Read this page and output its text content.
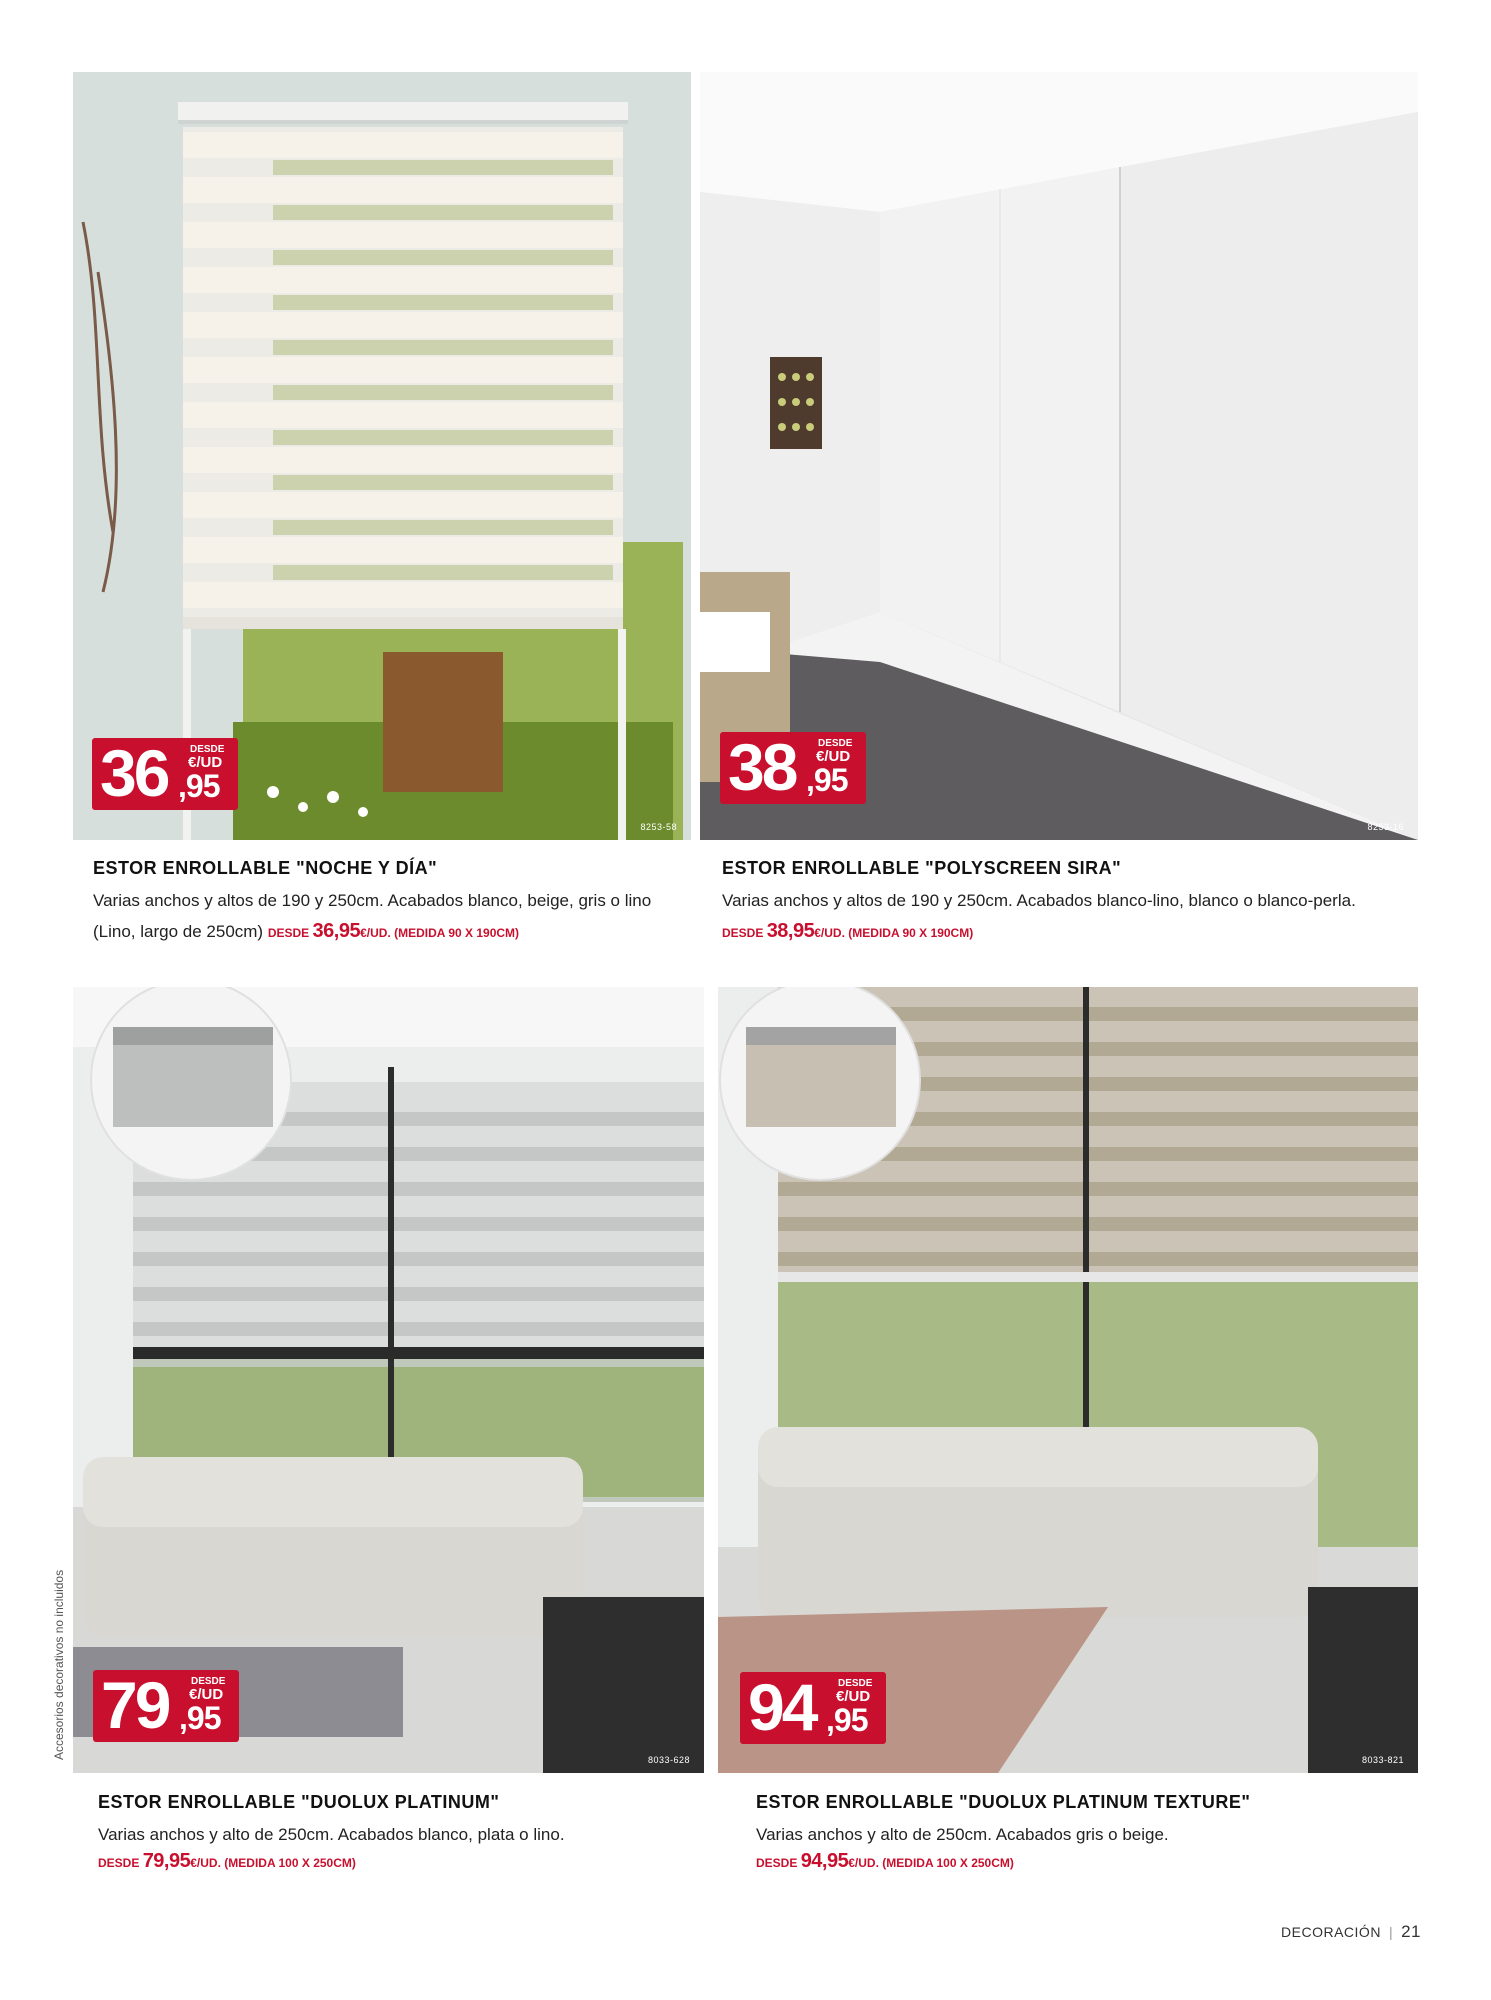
8253-58
36 DESDE
€/UD
,95
ESTOR ENROLLABLE "NOCHE Y DÍA"

Varias anchos y altos de 190 y 250cm. Acabados blanco, beige, gris o lino (Lino, largo de 250cm) DESDE 36,95€/UD. (MEDIDA 90 X 190CM)

8253-16
38 DESDE
€/UD
,95
ESTOR ENROLLABLE "POLYSCREEN SIRA"

Varias anchos y altos de 190 y 250cm. Acabados blanco-lino, blanco o blanco-perla. DESDE 38,95€/UD. (MEDIDA 90 X 190CM)

8033-628
79 DESDE
€/UD
,95
ESTOR ENROLLABLE "DUOLUX PLATINUM"

Varias anchos y alto de 250cm. Acabados blanco, plata o lino.

DESDE 79,95€/UD. (MEDIDA 100 X 250CM)
8033-821
94 DESDE
€/UD
,95
ESTOR ENROLLABLE "DUOLUX PLATINUM TEXTURE"

Varias anchos y alto de 250cm. Acabados gris o beige.

DESDE 94,95€/UD. (MEDIDA 100 X 250CM)
Accesorios decorativos no incluidos
DECORACIÓN | 21
